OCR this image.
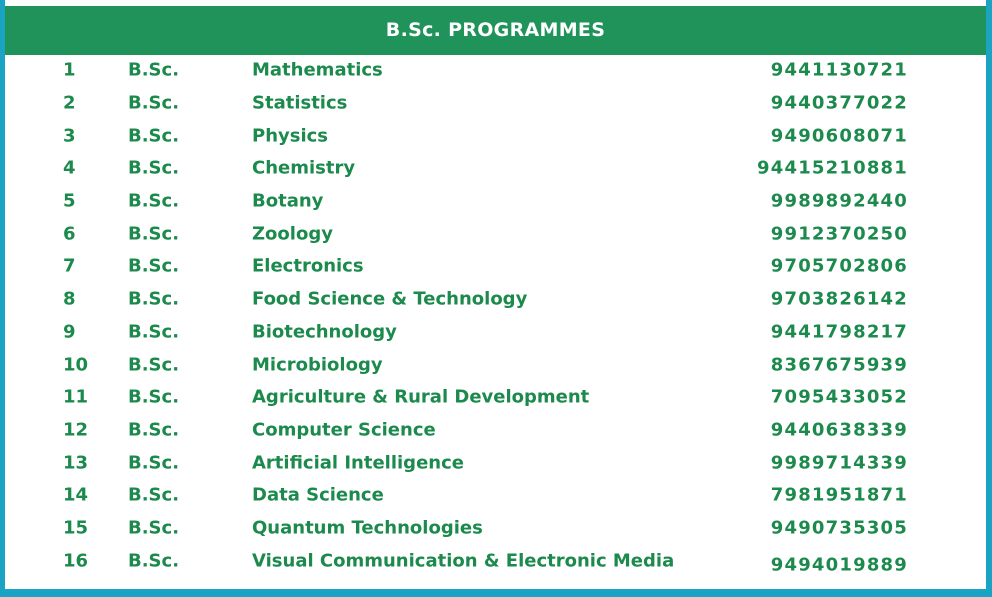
B.Sc. PROGRAMMES
1	B.Sc.	Mathematics	9441130721
2	B.Sc.	Statistics	9440377022
3	B.Sc.	Physics	9490608071
4	B.Sc.	Chemistry	94415210881
5	B.Sc.	Botany	9989892440
6	B.Sc.	Zoology	9912370250
7	B.Sc.	Electronics	9705702806
8	B.Sc.	Food Science & Technology	9703826142
9	B.Sc.	Biotechnology	9441798217
10 B.Sc.	Microbiology	8367675939
11 B.Sc.	Agriculture & Rural Development	7095433052
12 B.Sc.	Computer Science	9440638339
13 B.Sc.	Artificial Intelligence	9989714339
14 B.Sc.	Data Science	7981951871
15 B.Sc.	Quantum Technologies	9490735305
16 B.Sc.	Visual Communication & Electronic Media	9494019889
